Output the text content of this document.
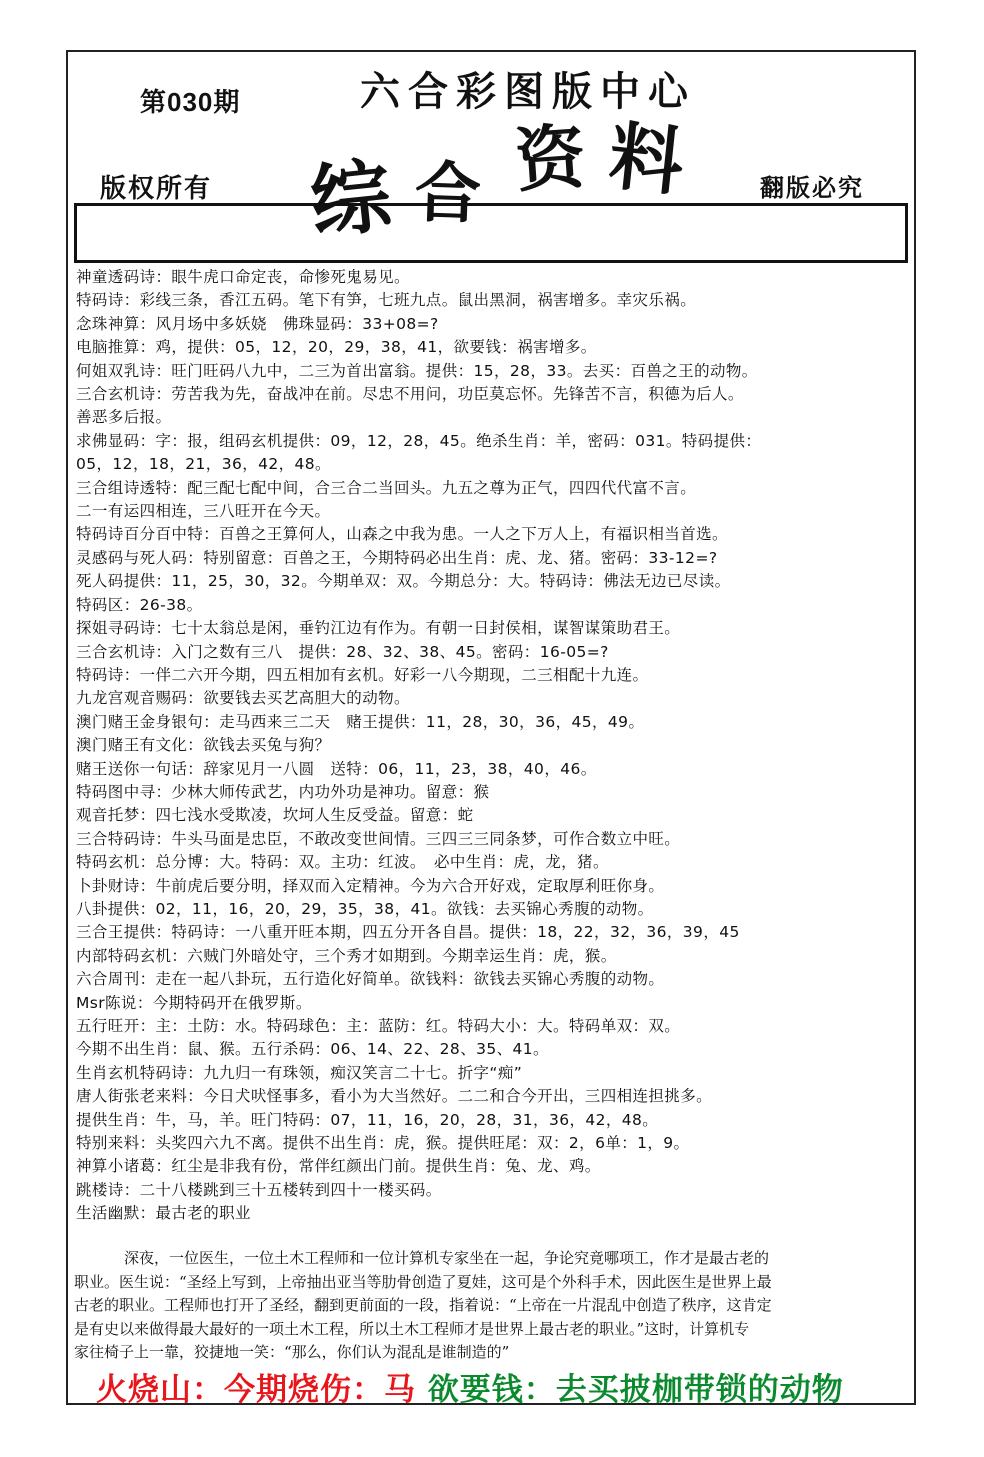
第030期	六合彩图版中心
版权所有	翻版必究
综 合 资 料
神童透码诗：眼牛虎口命定丧，命惨死鬼易见。
特码诗：彩线三条，香江五码。笔下有笋，七班九点。鼠出黑洞，祸害增多。幸灾乐祸。
念珠神算：风月场中多妖娆　佛珠显码：33+08=?
电脑推算：鸡，提供：05，12，20，29，38，41，欲要钱：祸害增多。
何姐双乳诗：旺门旺码八九中，二三为首出富翁。提供：15，28，33。去买：百兽之王的动物。
三合玄机诗：劳苦我为先，奋战冲在前。尽忠不用问，功臣莫忘怀。先锋苦不言，积德为后人。
善恶多后报。
求佛显码：字：报，组码玄机提供：09，12，28，45。绝杀生肖：羊，密码：031。特码提供：
05，12，18，21，36，42，48。
三合组诗透特：配三配七配中间，合三合二当回头。九五之尊为正气，四四代代富不言。
二一有运四相连，三八旺开在今天。
特码诗百分百中特：百兽之王算何人，山森之中我为患。一人之下万人上，有福识相当首选。
灵感码与死人码：特别留意：百兽之王，今期特码必出生肖：虎、龙、猪。密码：33-12=?
死人码提供：11，25，30，32。今期单双：双。今期总分：大。特码诗：佛法无边已尽读。
特码区：26-38。
探姐寻码诗：七十太翁总是闲，垂钓江边有作为。有朝一日封侯相，谋智谋策助君王。
三合玄机诗：入门之数有三八　提供：28、32、38、45。密码：16-05=?
特码诗：一伴二六开今期，四五相加有玄机。好彩一八今期现，二三相配十九连。
九龙宫观音赐码：欲要钱去买艺高胆大的动物。
澳门赌王金身银句：走马西来三二天　赌王提供：11，28，30，36，45，49。
澳门赌王有文化：欲钱去买兔与狗？
赌王送你一句话：辞家见月一八圆　送特：06，11，23，38，40，46。
特码图中寻：少林大师传武艺，内功外功是神功。留意：猴
观音托梦：四七浅水受欺凌，坎坷人生反受益。留意：蛇
三合特码诗：牛头马面是忠臣，不敢改变世间情。三四三三同条梦，可作合数立中旺。
特码玄机：总分博：大。特码：双。主功：红波。　必中生肖：虎，龙，猪。
卜卦财诗：牛前虎后要分明，择双而入定精神。今为六合开好戏，定取厚利旺你身。
八卦提供：02，11，16，20，29，35，38，41。欲钱：去买锦心秀腹的动物。
三合王提供：特码诗：一八重开旺本期，四五分开各自昌。提供：18，22，32，36，39，45
内部特码玄机：六贼门外暗处守，三个秀才如期到。今期幸运生肖：虎，猴。
六合周刊：走在一起八卦玩，五行造化好简单。欲钱料：欲钱去买锦心秀腹的动物。
Msr陈说：今期特码开在俄罗斯。
五行旺开：主：土防：水。特码球色：主：蓝防：红。特码大小：大。特码单双：双。
今期不出生肖：鼠、猴。五行杀码：06、14、22、28、35、41。
生肖玄机特码诗：九九归一有珠领，痴汉笑言二十七。折字“痴”
唐人街张老来料：今日犬吠怪事多，看小为大当然好。二二和合今开出，三四相连担挑多。
提供生肖：牛，马，羊。旺门特码：07，11，16，20，28，31，36，42，48。
特别来料：头奖四六九不离。提供不出生肖：虎，猴。提供旺尾：双：2，6单：1，9。
神算小诸葛：红尘是非我有份，常伴红颜出门前。提供生肖：兔、龙、鸡。
跳楼诗：二十八楼跳到三十五楼转到四十一楼买码。
生活幽默：最古老的职业
深夜，一位医生，一位土木工程师和一位计算机专家坐在一起，争论究竟哪项工，作才是最古老的
职业。医生说：“圣经上写到，上帝抽出亚当等肋骨创造了夏娃，这可是个外科手术，因此医生是世界上最
古老的职业。工程师也打开了圣经，翻到更前面的一段，指着说：“上帝在一片混乱中创造了秩序，这肯定
是有史以来做得最大最好的一项土木工程，所以土木工程师才是世界上最古老的职业。”这时，计算机专
家往椅子上一靠，狡捷地一笑：“那么，你们认为混乱是谁制造的”
火烧山：今期烧伤：马 欲要钱：去买披枷带锁的动物
